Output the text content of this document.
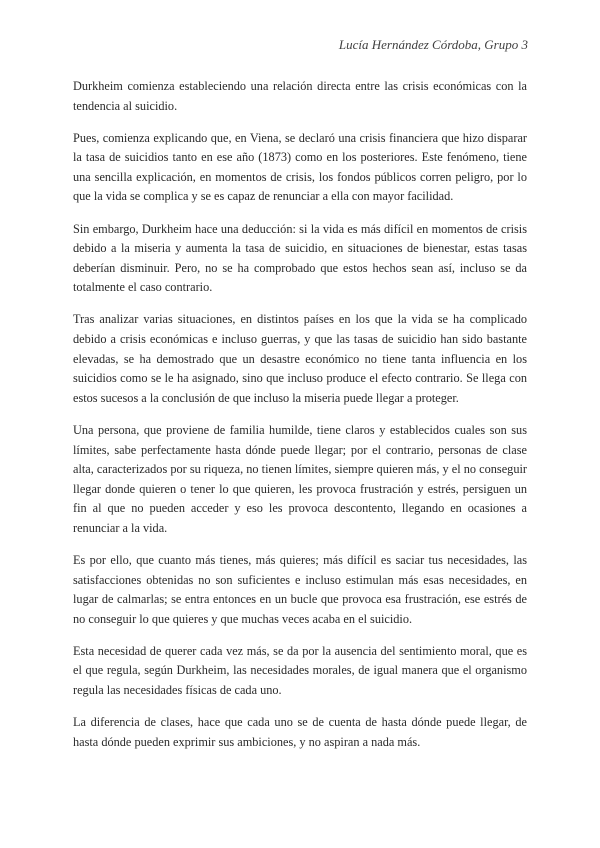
Lucía Hernández Córdoba, Grupo 3

Durkheim comienza estableciendo una relación directa entre las crisis económicas con la tendencia al suicidio.

Pues, comienza explicando que, en Viena, se declaró una crisis financiera que hizo disparar la tasa de suicidios tanto en ese año (1873) como en los posteriores. Este fenómeno, tiene una sencilla explicación, en momentos de crisis, los fondos públicos corren peligro, por lo que la vida se complica y se es capaz de renunciar a ella con mayor facilidad.

Sin embargo, Durkheim hace una deducción: si la vida es más difícil en momentos de crisis debido a la miseria y aumenta la tasa de suicidio, en situaciones de bienestar, estas tasas deberían disminuir. Pero, no se ha comprobado que estos hechos sean así, incluso se da totalmente el caso contrario.

Tras analizar varias situaciones, en distintos países en los que la vida se ha complicado debido a crisis económicas e incluso guerras, y que las tasas de suicidio han sido bastante elevadas, se ha demostrado que un desastre económico no tiene tanta influencia en los suicidios como se le ha asignado, sino que incluso produce el efecto contrario. Se llega con estos sucesos a la conclusión de que incluso la miseria puede llegar a proteger.

Una persona, que proviene de familia humilde, tiene claros y establecidos cuales son sus límites, sabe perfectamente hasta dónde puede llegar; por el contrario, personas de clase alta, caracterizados por su riqueza, no tienen límites, siempre quieren más, y el no conseguir llegar donde quieren o tener lo que quieren, les provoca frustración y estrés, persiguen un fin al que no pueden acceder y eso les provoca descontento, llegando en ocasiones a renunciar a la vida.

Es por ello, que cuanto más tienes, más quieres; más difícil es saciar tus necesidades, las satisfacciones obtenidas no son suficientes e incluso estimulan más esas necesidades, en lugar de calmarlas; se entra entonces en un bucle que provoca esa frustración, ese estrés de no conseguir lo que quieres y que muchas veces acaba en el suicidio.

Esta necesidad de querer cada vez más, se da por la ausencia del sentimiento moral, que es el que regula, según Durkheim, las necesidades morales, de igual manera que el organismo regula las necesidades físicas de cada uno.

La diferencia de clases, hace que cada uno se de cuenta de hasta dónde puede llegar, de hasta dónde pueden exprimir sus ambiciones, y no aspiran a nada más.
